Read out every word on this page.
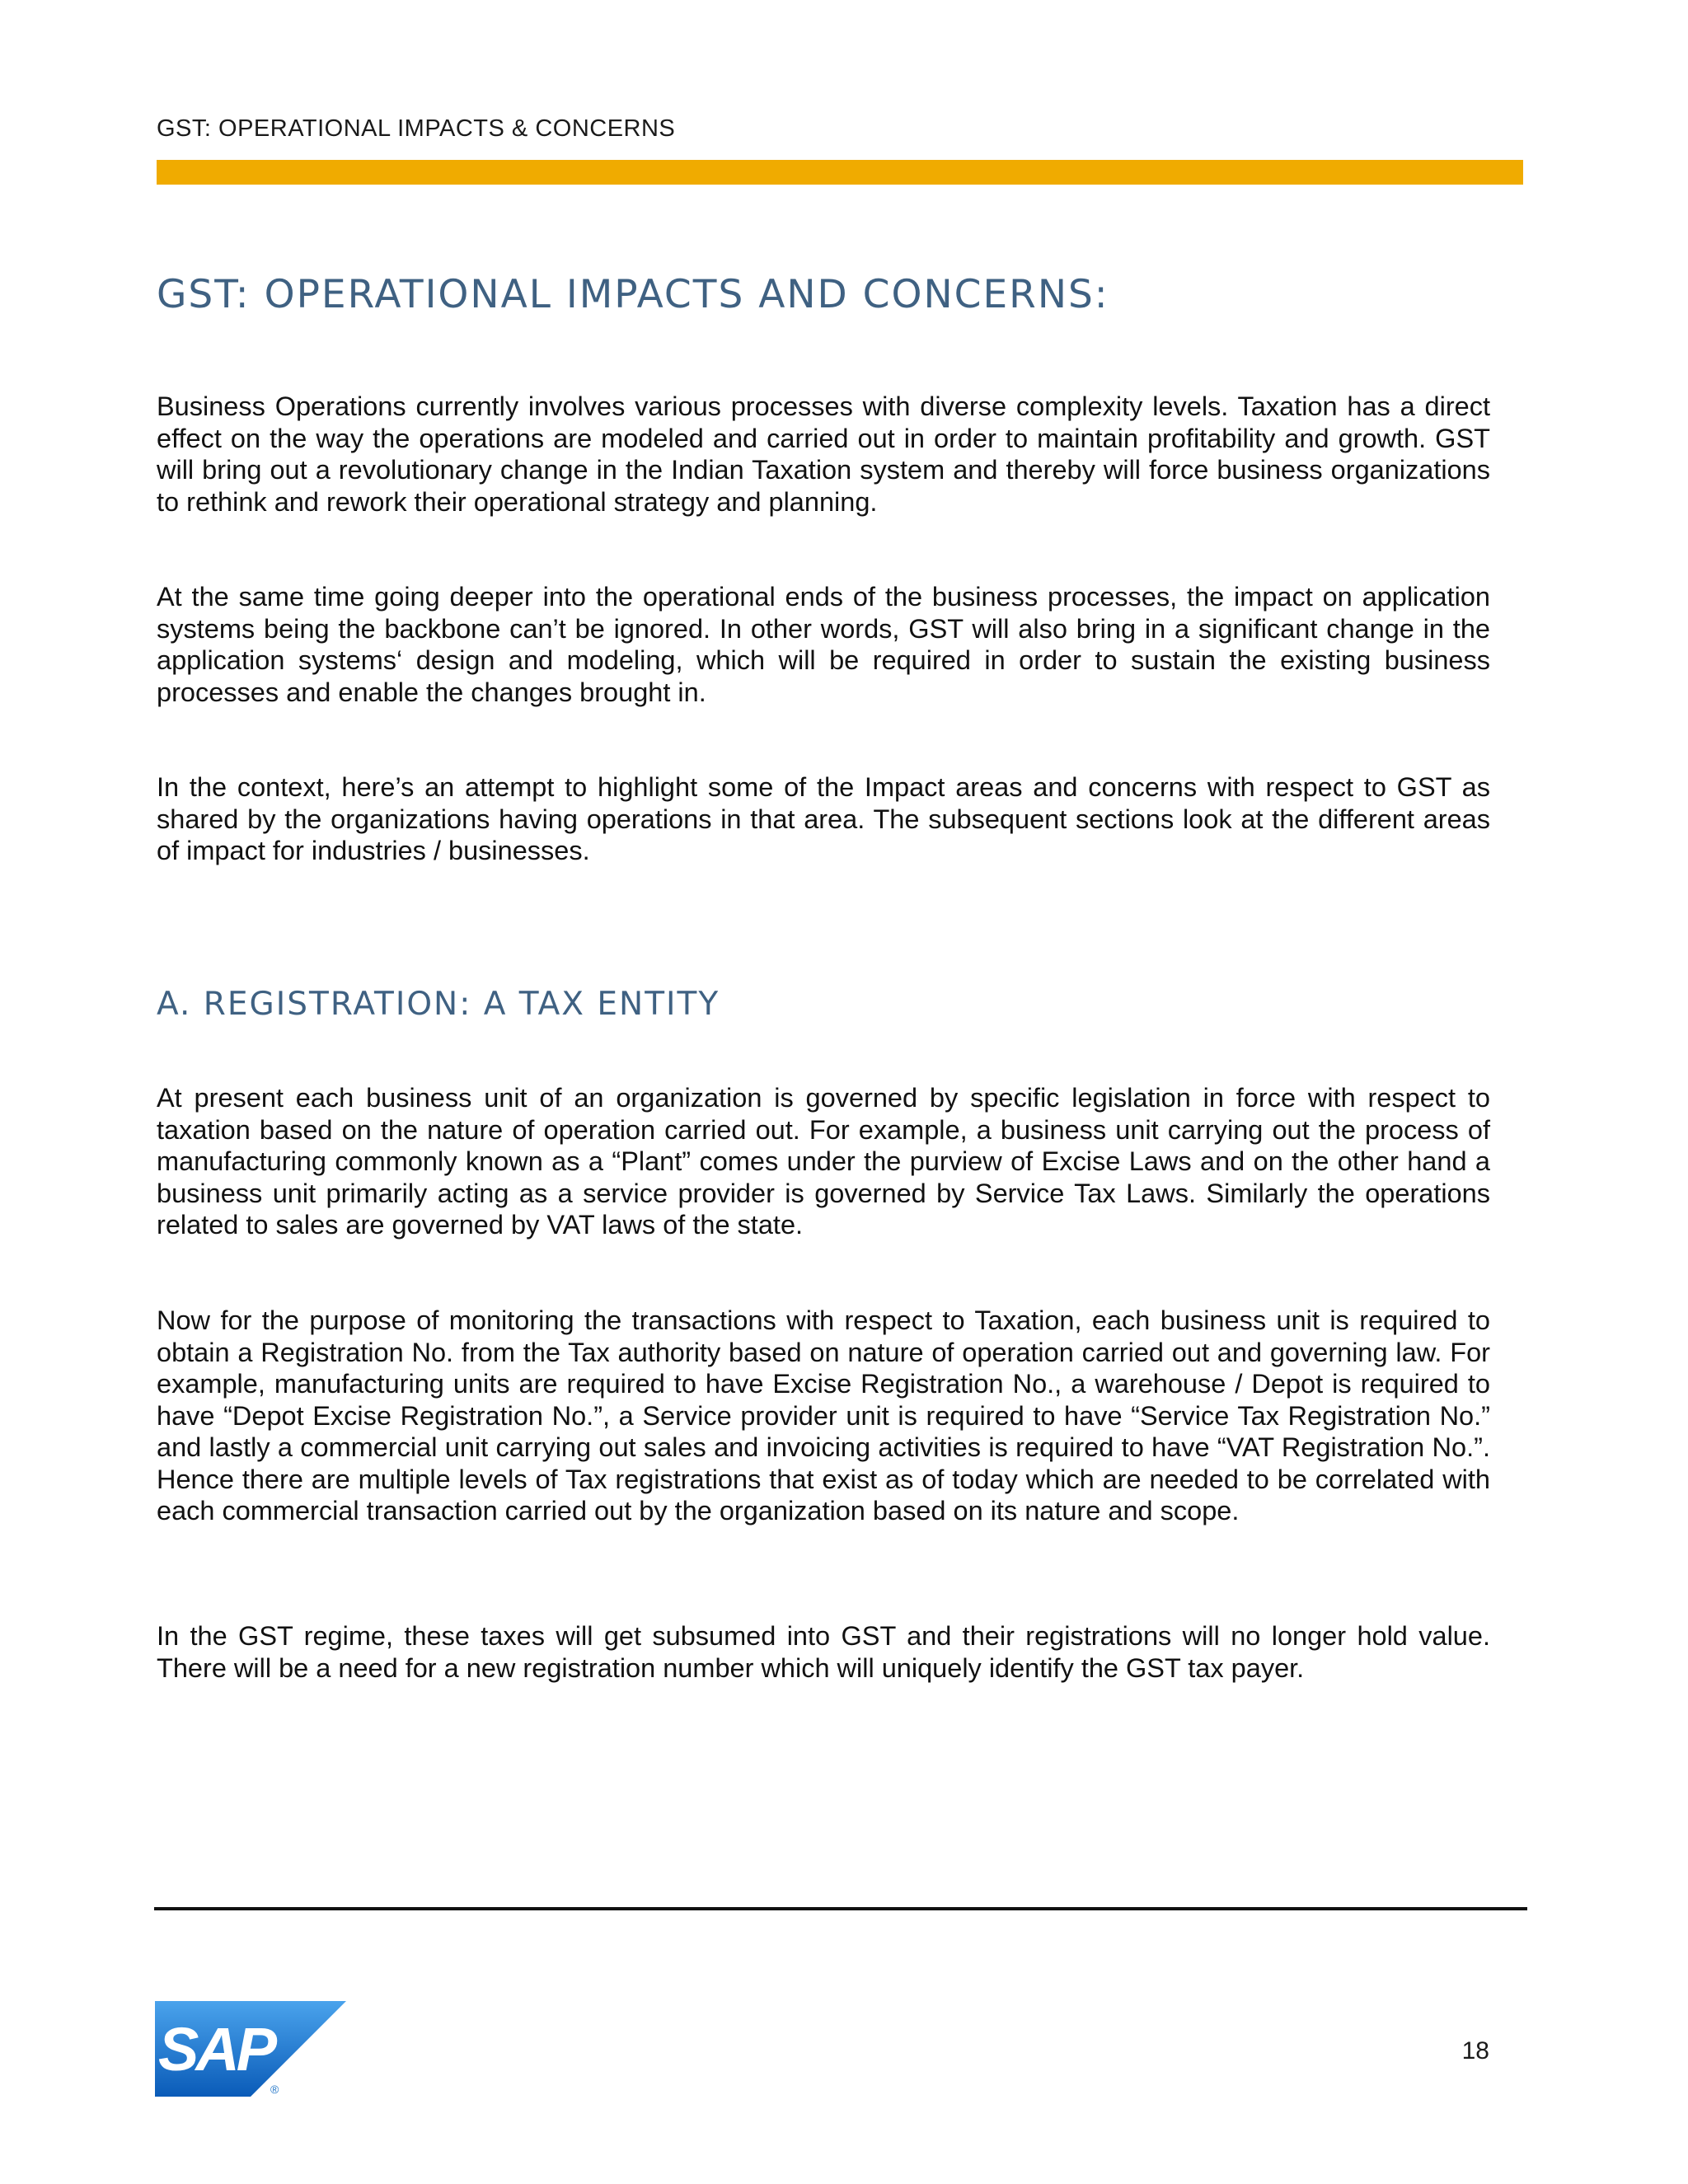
GST: OPERATIONAL IMPACTS & CONCERNS
GST: OPERATIONAL IMPACTS AND CONCERNS:

Business Operations currently involves various processes with diverse complexity levels. Taxation has a direct effect on the way the operations are modeled and carried out in order to maintain profitability and growth. GST will bring out a revolutionary change in the Indian Taxation system and thereby will force business organizations to rethink and rework their operational strategy and planning.

At the same time going deeper into the operational ends of the business processes, the impact on application systems being the backbone can’t be ignored. In other words, GST will also bring in a significant change in the application systems‘ design and modeling, which will be required in order to sustain the existing business processes and enable the changes brought in.

In the context, here’s an attempt to highlight some of the Impact areas and concerns with respect to GST as shared by the organizations having operations in that area. The subsequent sections look at the different areas of impact for industries / businesses.

A. REGISTRATION: A TAX ENTITY

At present each business unit of an organization is governed by specific legislation in force with respect to taxation based on the nature of operation carried out. For example, a business unit carrying out the process of manufacturing commonly known as a “Plant” comes under the purview of Excise Laws and on the other hand a business unit primarily acting as a service provider is governed by Service Tax Laws. Similarly the operations related to sales are governed by VAT laws of the state.

Now for the purpose of monitoring the transactions with respect to Taxation, each business unit is required to obtain a Registration No. from the Tax authority based on nature of operation carried out and governing law. For example, manufacturing units are required to have Excise Registration No., a warehouse / Depot is required to have “Depot Excise Registration No.”, a Service provider unit is required to have “Service Tax Registration No.” and lastly a commercial unit carrying out sales and invoicing activities is required to have “VAT Registration No.”. Hence there are multiple levels of Tax registrations that exist as of today which are needed to be correlated with each commercial transaction carried out by the organization based on its nature and scope.

In the GST regime, these taxes will get subsumed into GST and their registrations will no longer hold value. There will be a need for a new registration number which will uniquely identify the GST tax payer.

SAP
®
18
